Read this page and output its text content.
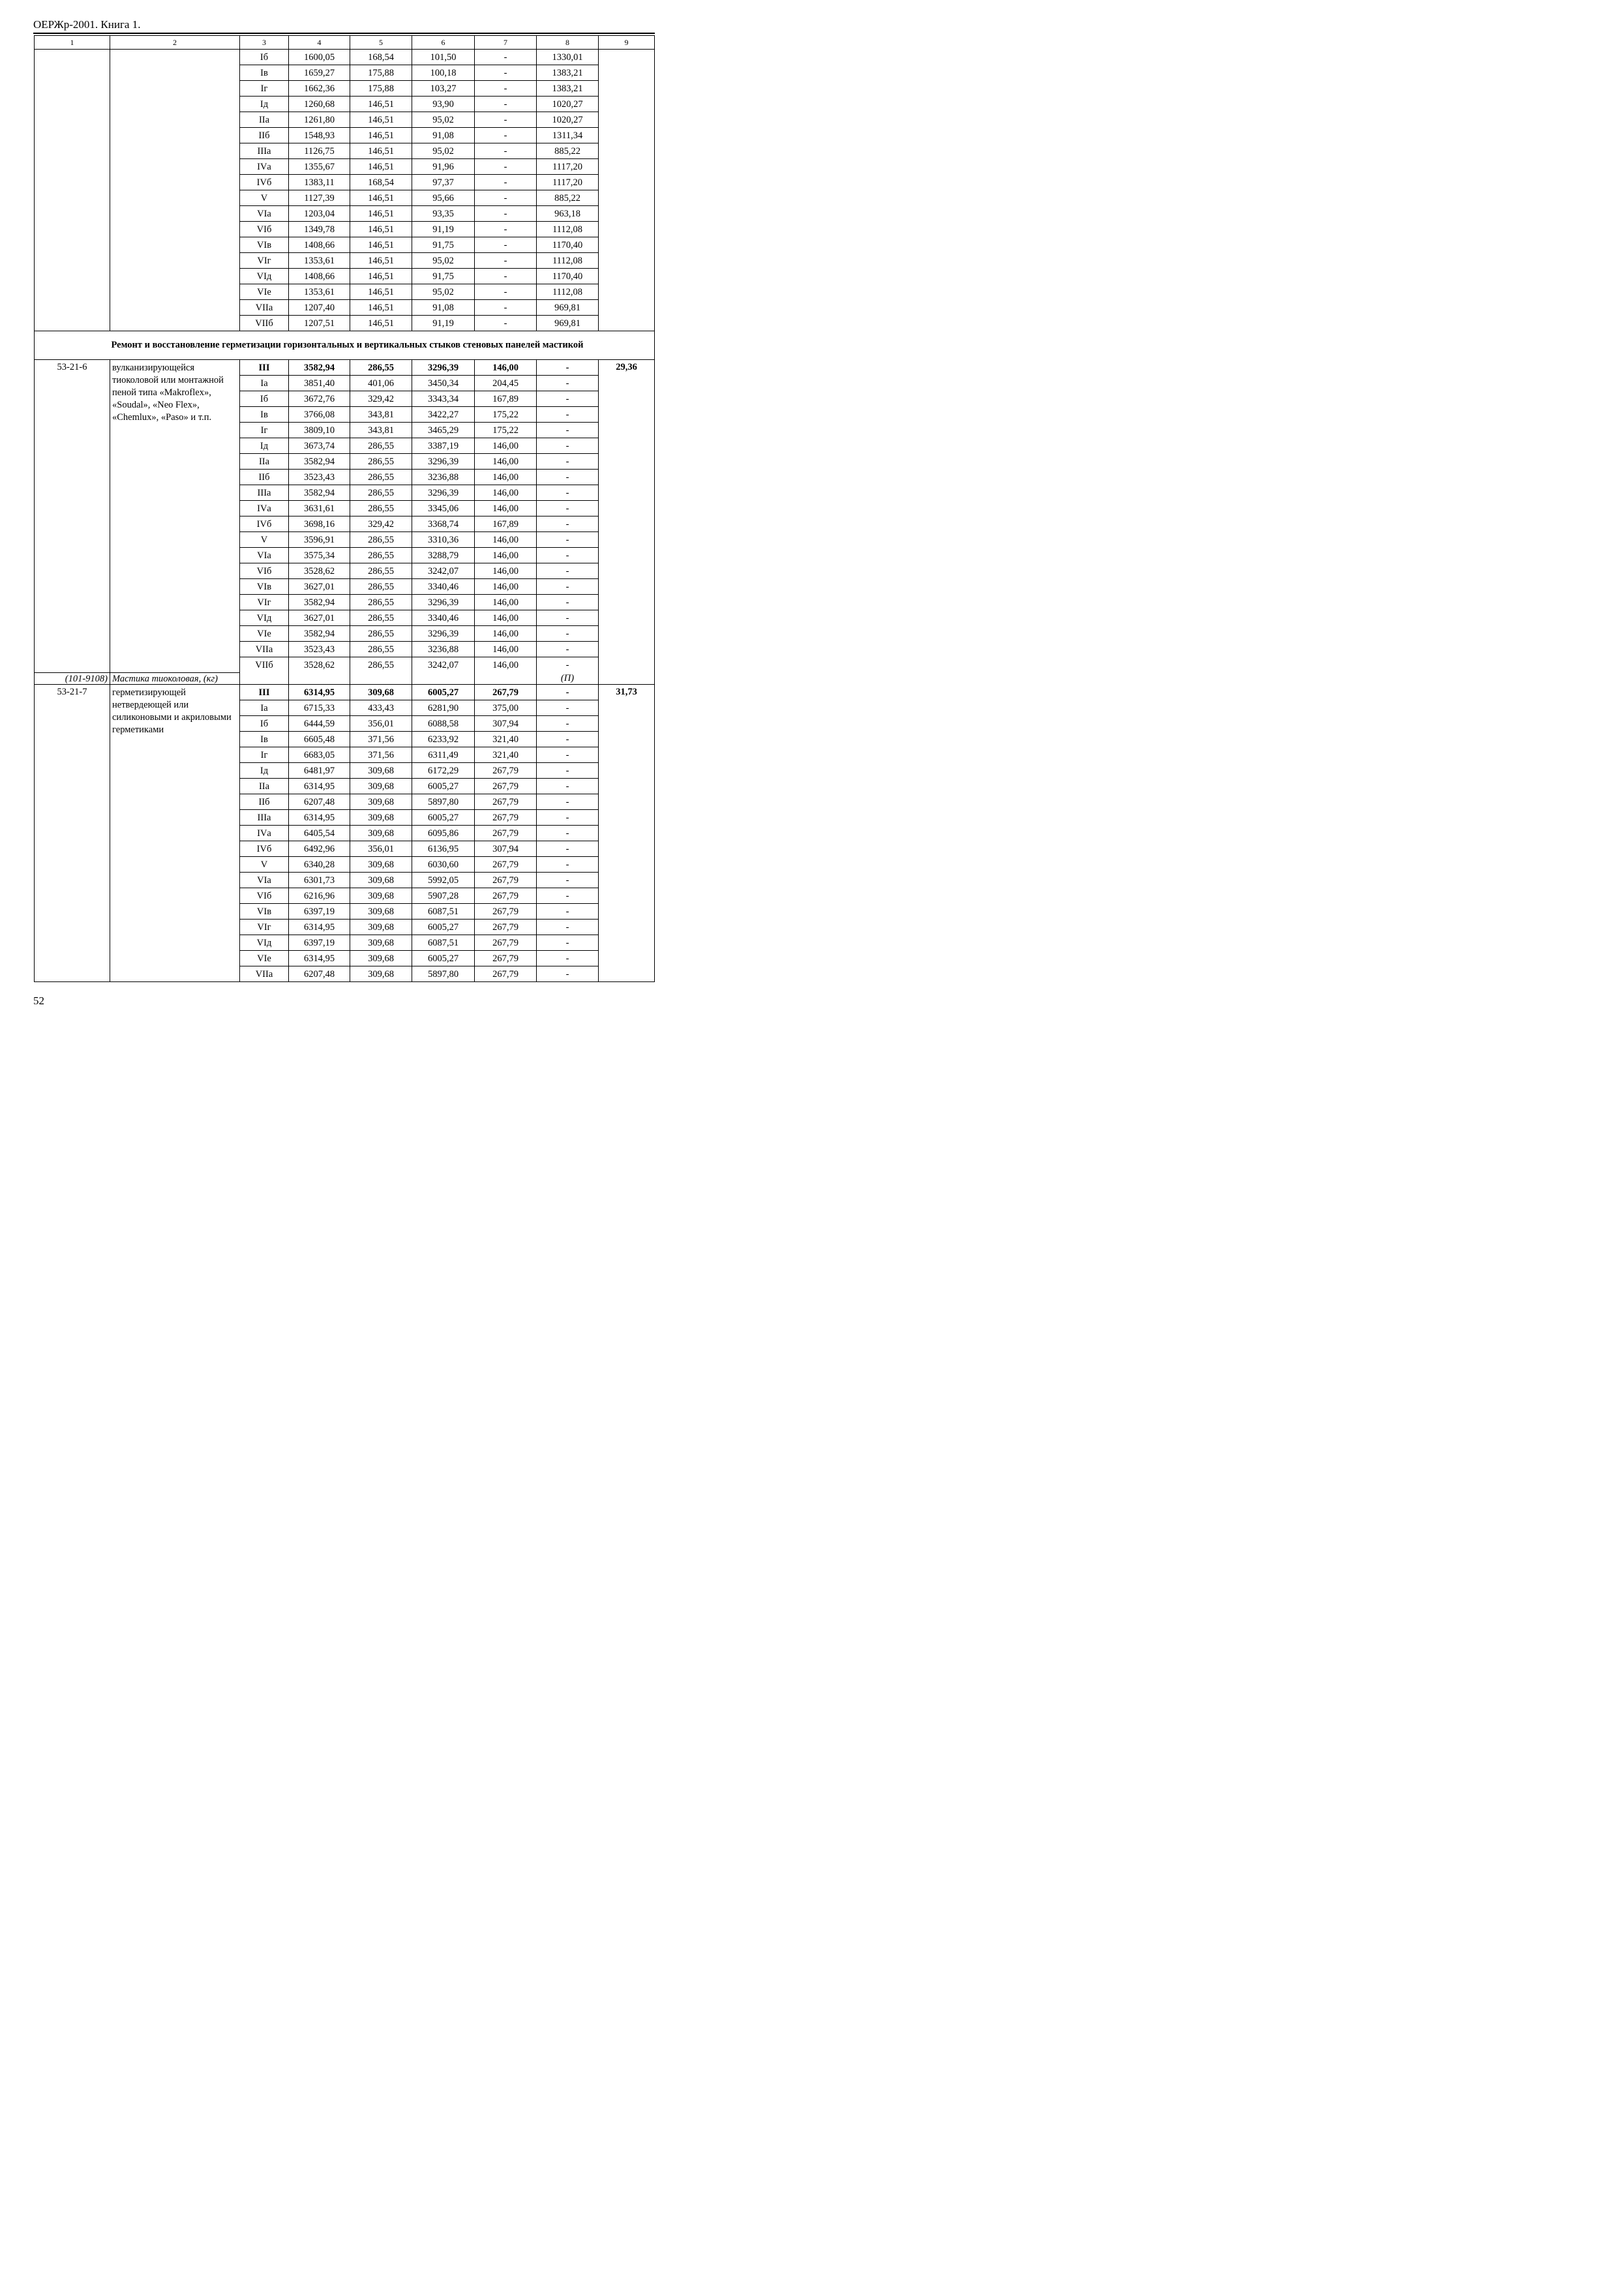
ОЕРЖр-2001. Книга 1.
1	2	3	4	5	6	7	8	9
		Iб	1600,05	168,54	101,50	-	1330,01	
		Iв	1659,27	175,88	100,18	-	1383,21	
		Iг	1662,36	175,88	103,27	-	1383,21	
		Iд	1260,68	146,51	93,90	-	1020,27	
		IIа	1261,80	146,51	95,02	-	1020,27	
		IIб	1548,93	146,51	91,08	-	1311,34	
		IIIа	1126,75	146,51	95,02	-	885,22	
		IVа	1355,67	146,51	91,96	-	1117,20	
		IVб	1383,11	168,54	97,37	-	1117,20	
		V	1127,39	146,51	95,66	-	885,22	
		VIа	1203,04	146,51	93,35	-	963,18	
		VIб	1349,78	146,51	91,19	-	1112,08	
		VIв	1408,66	146,51	91,75	-	1170,40	
		VIг	1353,61	146,51	95,02	-	1112,08	
		VIд	1408,66	146,51	91,75	-	1170,40	
		VIе	1353,61	146,51	95,02	-	1112,08	
		VIIа	1207,40	146,51	91,08	-	969,81	
		VIIб	1207,51	146,51	91,19	-	969,81	
	Ремонт и восстановление герметизации горизонтальных и вертикальных стыков стеновых панелей мастикой							
53-21-6	вулканизирующейся тиоколовой или монтажной пеной типа «Makroflex», «Soudal», «Neo Flex», «Chemlux», «Paso» и т.п.	III	3582,94	286,55	3296,39	146,00	-	29,36
		Iа	3851,40	401,06	3450,34	204,45	-	
		Iб	3672,76	329,42	3343,34	167,89	-	
		Iв	3766,08	343,81	3422,27	175,22	-	
		Iг	3809,10	343,81	3465,29	175,22	-	
		Iд	3673,74	286,55	3387,19	146,00	-	
		IIа	3582,94	286,55	3296,39	146,00	-	
		IIб	3523,43	286,55	3236,88	146,00	-	
		IIIа	3582,94	286,55	3296,39	146,00	-	
		IVа	3631,61	286,55	3345,06	146,00	-	
		IVб	3698,16	329,42	3368,74	167,89	-	
		V	3596,91	286,55	3310,36	146,00	-	
		VIа	3575,34	286,55	3288,79	146,00	-	
		VIб	3528,62	286,55	3242,07	146,00	-	
		VIв	3627,01	286,55	3340,46	146,00	-	
		VIг	3582,94	286,55	3296,39	146,00	-	
		VIд	3627,01	286,55	3340,46	146,00	-	
		VIе	3582,94	286,55	3296,39	146,00	-	
		VIIа	3523,43	286,55	3236,88	146,00	-	
		VIIб	3528,62	286,55	3242,07	146,00	-	
(101-9108)	Мастика тиоколовая, (кг)						(П)	
53-21-7	герметизирующей нетвердеющей или силиконовыми и акриловыми герметиками	III	6314,95	309,68	6005,27	267,79	-	31,73
		Iа	6715,33	433,43	6281,90	375,00	-	
		Iб	6444,59	356,01	6088,58	307,94	-	
		Iв	6605,48	371,56	6233,92	321,40	-	
		Iг	6683,05	371,56	6311,49	321,40	-	
		Iд	6481,97	309,68	6172,29	267,79	-	
		IIа	6314,95	309,68	6005,27	267,79	-	
		IIб	6207,48	309,68	5897,80	267,79	-	
		IIIа	6314,95	309,68	6005,27	267,79	-	
		IVа	6405,54	309,68	6095,86	267,79	-	
		IVб	6492,96	356,01	6136,95	307,94	-	
		V	6340,28	309,68	6030,60	267,79	-	
		VIа	6301,73	309,68	5992,05	267,79	-	
		VIб	6216,96	309,68	5907,28	267,79	-	
		VIв	6397,19	309,68	6087,51	267,79	-	
		VIг	6314,95	309,68	6005,27	267,79	-	
		VIд	6397,19	309,68	6087,51	267,79	-	
		VIе	6314,95	309,68	6005,27	267,79	-	
		VIIа	6207,48	309,68	5897,80	267,79	-	
52
